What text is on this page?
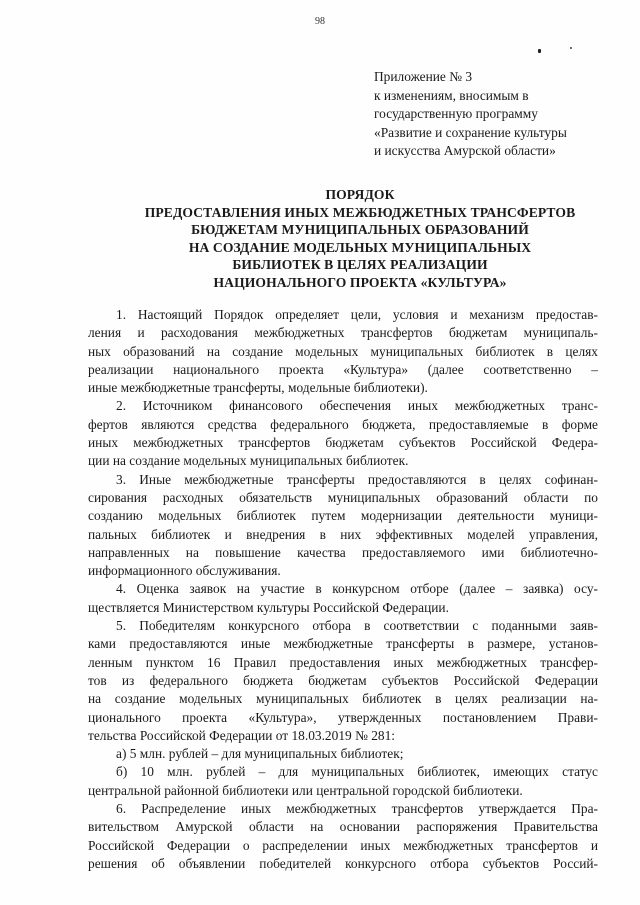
98
Приложение № 3
к изменениям, вносимым в
государственную программу
«Развитие и сохранение культуры
и искусства Амурской области»
ПОРЯДОК
ПРЕДОСТАВЛЕНИЯ ИНЫХ МЕЖБЮДЖЕТНЫХ ТРАНСФЕРТОВ
БЮДЖЕТАМ МУНИЦИПАЛЬНЫХ ОБРАЗОВАНИЙ
НА СОЗДАНИЕ МОДЕЛЬНЫХ МУНИЦИПАЛЬНЫХ
БИБЛИОТЕК В ЦЕЛЯХ РЕАЛИЗАЦИИ
НАЦИОНАЛЬНОГО ПРОЕКТА «КУЛЬТУРА»
1. Настоящий Порядок определяет цели, условия и механизм предостав-
ления и расходования межбюджетных трансфертов бюджетам муниципаль-
ных образований на создание модельных муниципальных библиотек в целях
реализации национального проекта «Культура» (далее соответственно –
иные межбюджетные трансферты, модельные библиотеки).
2. Источником финансового обеспечения иных межбюджетных транс-
фертов являются средства федерального бюджета, предоставляемые в форме
иных межбюджетных трансфертов бюджетам субъектов Российской Федера-
ции на создание модельных муниципальных библиотек.
3. Иные межбюджетные трансферты предоставляются в целях софинан-
сирования расходных обязательств муниципальных образований области по
созданию модельных библиотек путем модернизации деятельности муници-
пальных библиотек и внедрения в них эффективных моделей управления,
направленных на повышение качества предоставляемого ими библиотечно-
информационного обслуживания.
4. Оценка заявок на участие в конкурсном отборе (далее – заявка) осу-
ществляется Министерством культуры Российской Федерации.
5. Победителям конкурсного отбора в соответствии с поданными заяв-
ками предоставляются иные межбюджетные трансферты в размере, установ-
ленным пунктом 16 Правил предоставления иных межбюджетных трансфер-
тов из федерального бюджета бюджетам субъектов Российской Федерации
на создание модельных муниципальных библиотек в целях реализации на-
ционального проекта «Культура», утвержденных постановлением Прави-
тельства Российской Федерации от 18.03.2019 № 281:
а) 5 млн. рублей – для муниципальных библиотек;
б) 10 млн. рублей – для муниципальных библиотек, имеющих статус
центральной районной библиотеки или центральной городской библиотеки.
6. Распределение иных межбюджетных трансфертов утверждается Пра-
вительством Амурской области на основании распоряжения Правительства
Российской Федерации о распределении иных межбюджетных трансфертов и
решения об объявлении победителей конкурсного отбора субъектов Россий-
